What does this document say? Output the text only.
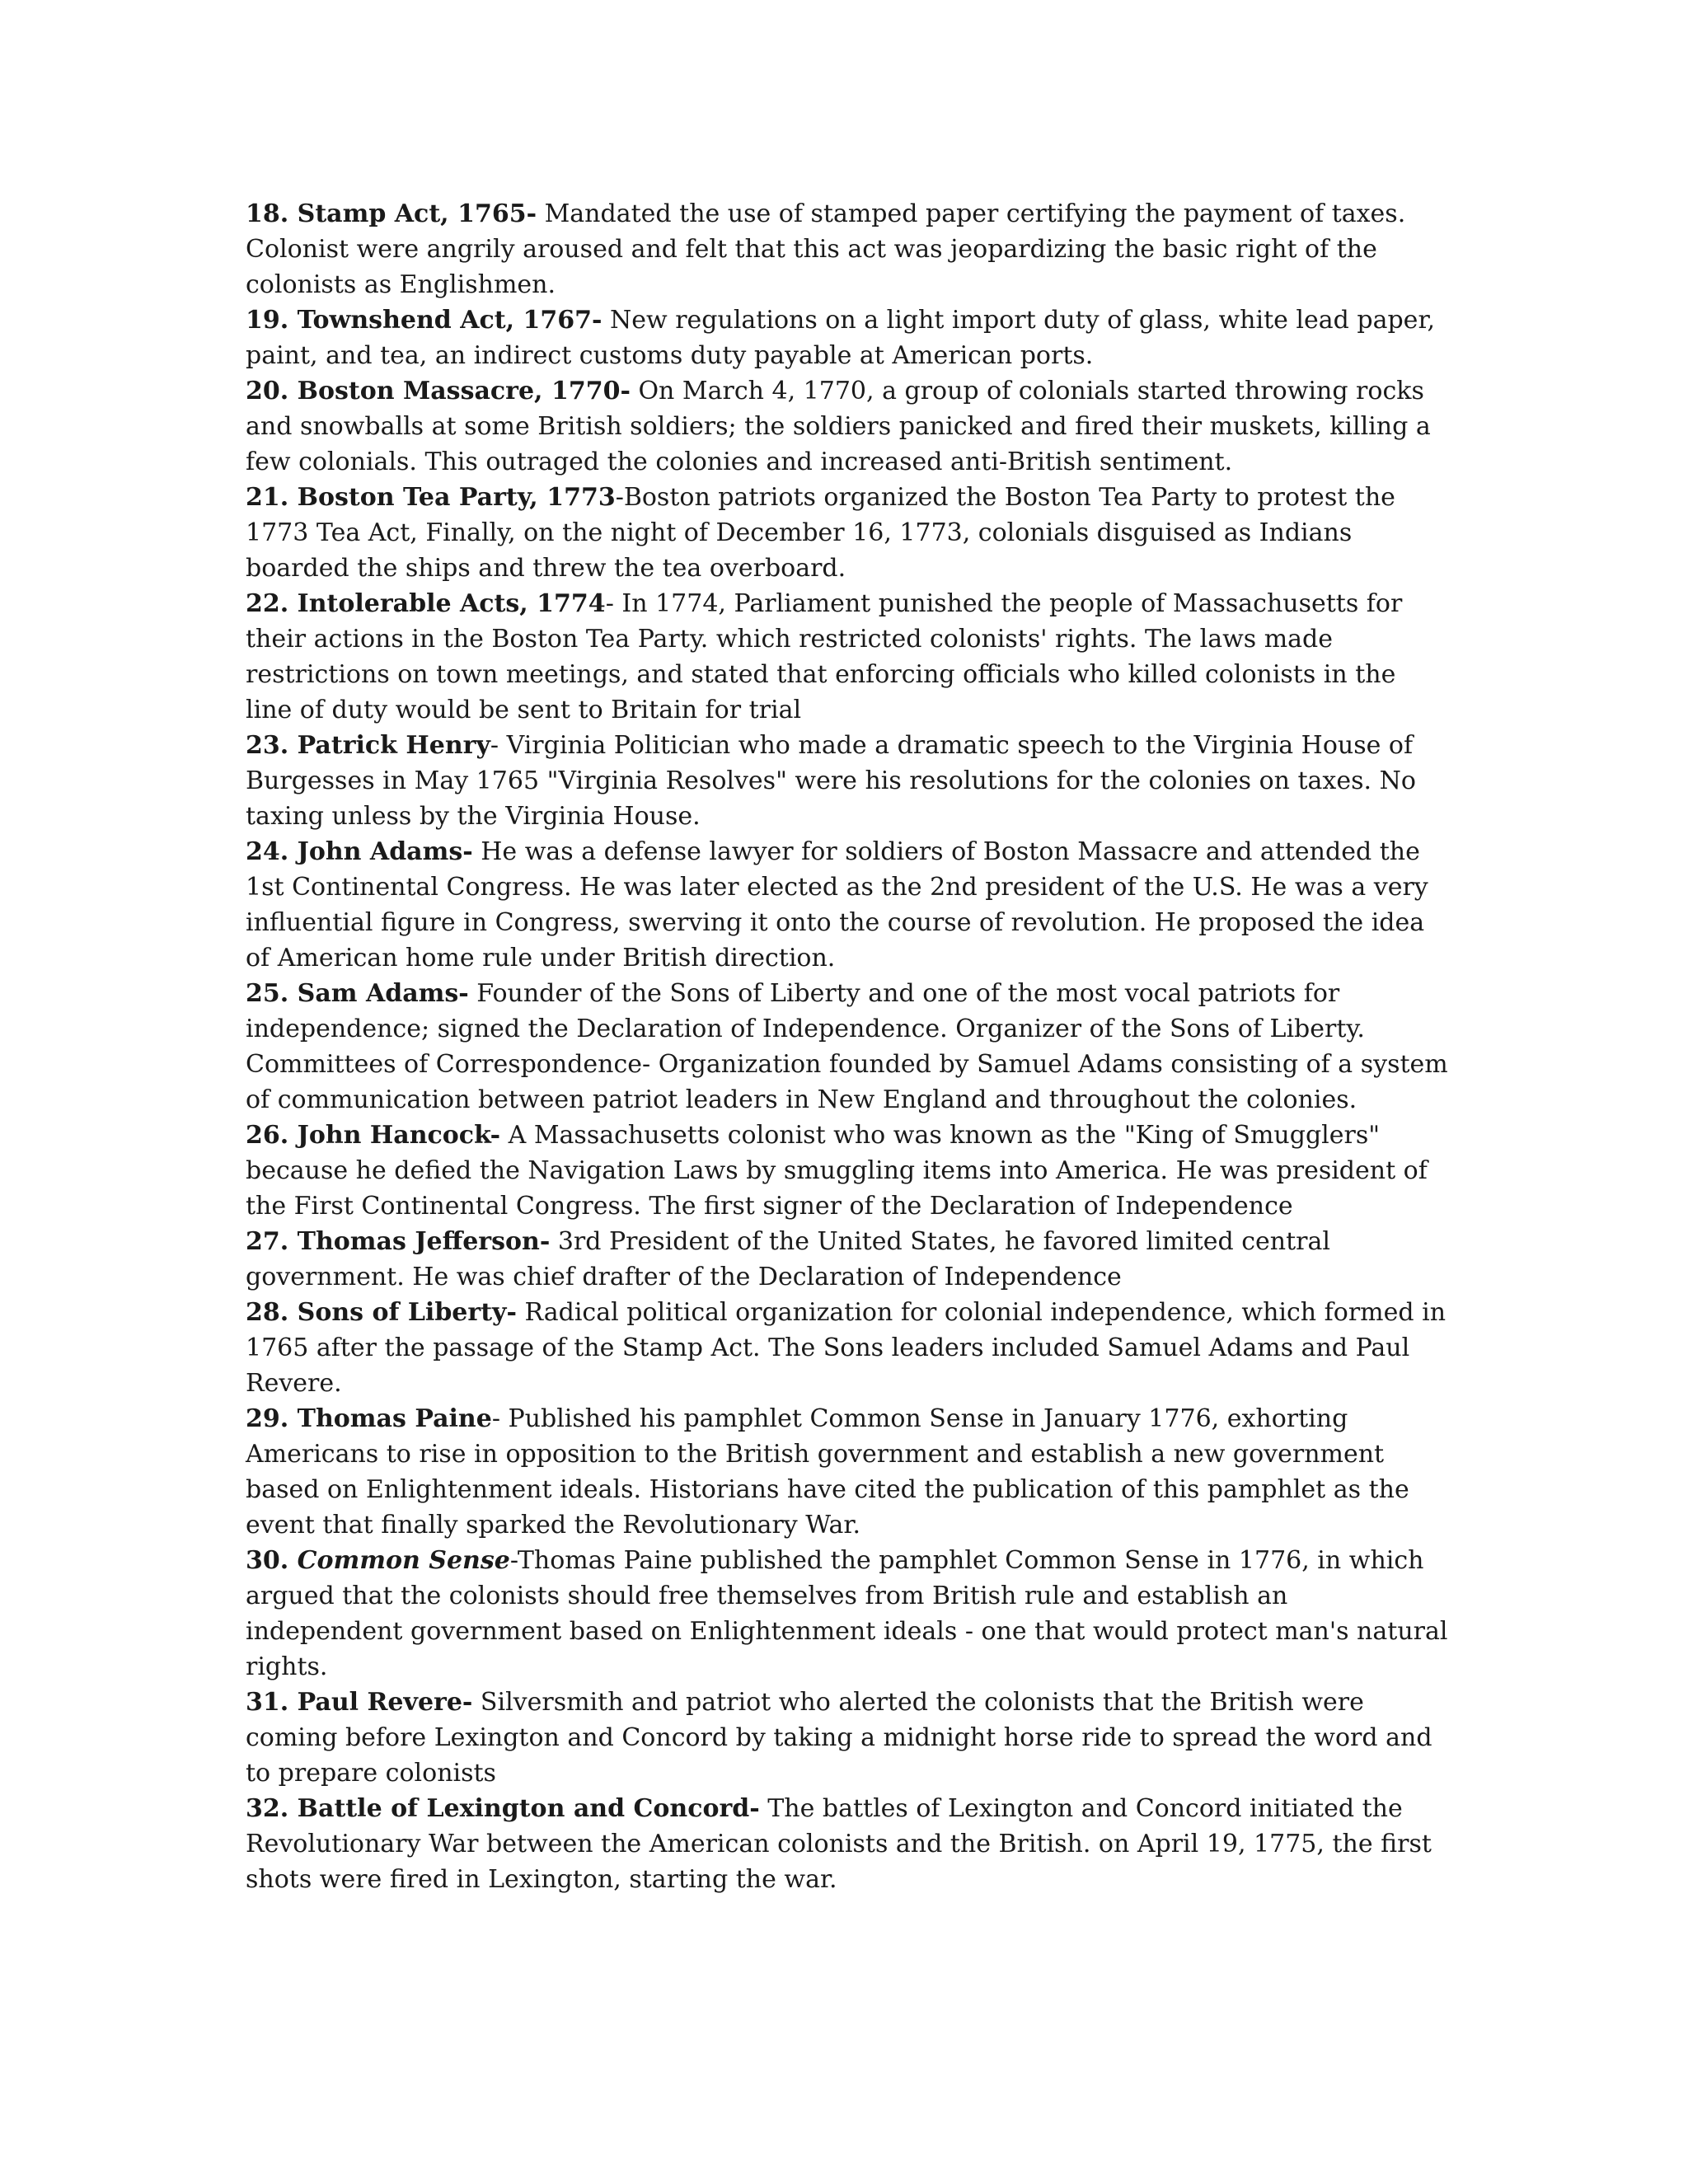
18. Stamp Act, 1765- Mandated the use of stamped paper certifying the payment of taxes. Colonist were angrily aroused and felt that this act was jeopardizing the basic right of the colonists as Englishmen.

19. Townshend Act, 1767- New regulations on a light import duty of glass, white lead paper, paint, and tea, an indirect customs duty payable at American ports.

20. Boston Massacre, 1770- On March 4, 1770, a group of colonials started throwing rocks and snowballs at some British soldiers; the soldiers panicked and fired their muskets, killing a few colonials. This outraged the colonies and increased anti-British sentiment.

21. Boston Tea Party, 1773-Boston patriots organized the Boston Tea Party to protest the 1773 Tea Act, Finally, on the night of December 16, 1773, colonials disguised as Indians boarded the ships and threw the tea overboard.

22. Intolerable Acts, 1774- In 1774, Parliament punished the people of Massachusetts for their actions in the Boston Tea Party. which restricted colonists' rights. The laws made restrictions on town meetings, and stated that enforcing officials who killed colonists in the line of duty would be sent to Britain for trial

23. Patrick Henry- Virginia Politician who made a dramatic speech to the Virginia House of Burgesses in May 1765 "Virginia Resolves" were his resolutions for the colonies on taxes. No taxing unless by the Virginia House.

24. John Adams- He was a defense lawyer for soldiers of Boston Massacre and attended the 1st Continental Congress. He was later elected as the 2nd president of the U.S. He was a very influential figure in Congress, swerving it onto the course of revolution. He proposed the idea of American home rule under British direction.

25. Sam Adams- Founder of the Sons of Liberty and one of the most vocal patriots for independence; signed the Declaration of Independence. Organizer of the Sons of Liberty. Committees of Correspondence- Organization founded by Samuel Adams consisting of a system of communication between patriot leaders in New England and throughout the colonies.

26. John Hancock- A Massachusetts colonist who was known as the "King of Smugglers" because he defied the Navigation Laws by smuggling items into America. He was president of the First Continental Congress. The first signer of the Declaration of Independence

27. Thomas Jefferson- 3rd President of the United States, he favored limited central government. He was chief drafter of the Declaration of Independence

28. Sons of Liberty- Radical political organization for colonial independence, which formed in 1765 after the passage of the Stamp Act. The Sons leaders included Samuel Adams and Paul Revere.

29. Thomas Paine- Published his pamphlet Common Sense in January 1776, exhorting Americans to rise in opposition to the British government and establish a new government based on Enlightenment ideals. Historians have cited the publication of this pamphlet as the event that finally sparked the Revolutionary War.

30. Common Sense-Thomas Paine published the pamphlet Common Sense in 1776, in which argued that the colonists should free themselves from British rule and establish an independent government based on Enlightenment ideals - one that would protect man's natural rights.

31. Paul Revere- Silversmith and patriot who alerted the colonists that the British were coming before Lexington and Concord by taking a midnight horse ride to spread the word and to prepare colonists

32. Battle of Lexington and Concord- The battles of Lexington and Concord initiated the Revolutionary War between the American colonists and the British. on April 19, 1775, the first shots were fired in Lexington, starting the war.
